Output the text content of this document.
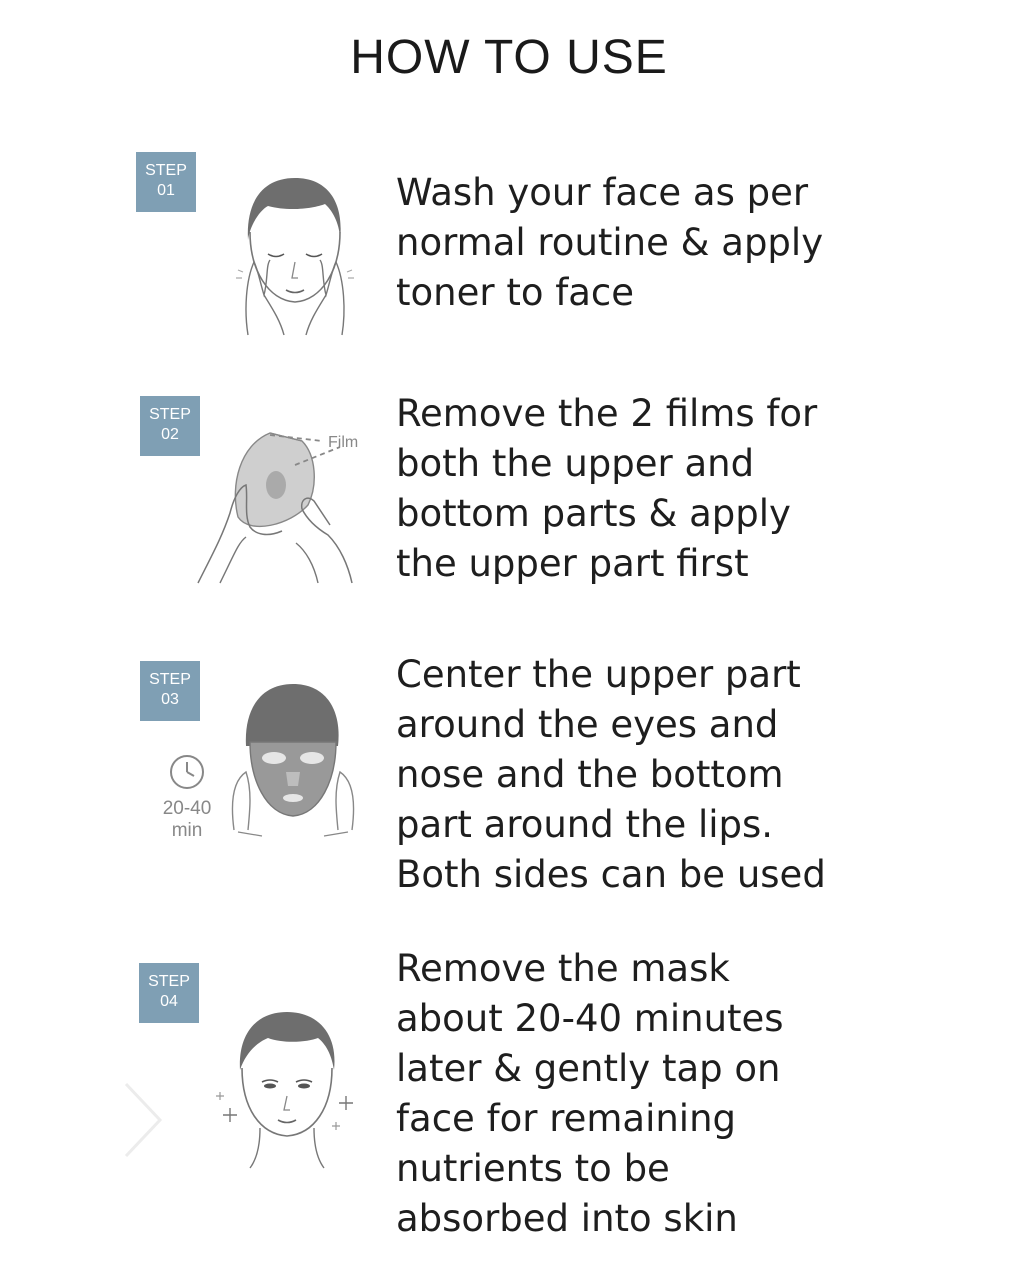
HOW TO USE
STEP
01	Wash your face as per
normal routine & apply
toner to face
STEP
02	Film
Remove the 2 films for
both the upper and
bottom parts & apply
the upper part first
STEP
03
20-40
min
Center the upper part
around the eyes and
nose and the bottom
part around the lips.
Both sides can be used
STEP
04
Remove the mask
about 20-40 minutes
later & gently tap on
face for remaining
nutrients to be
absorbed into skin
